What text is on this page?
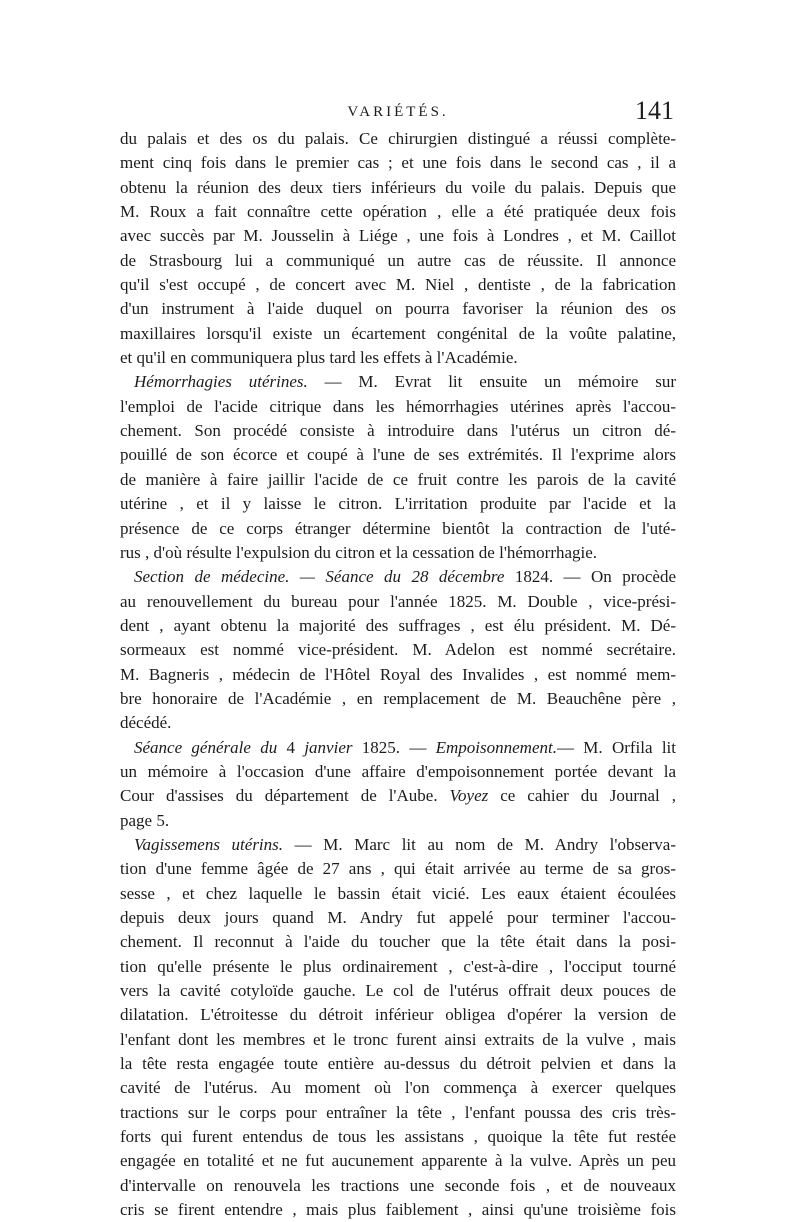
VARIÉTÉS.	141
du palais et des os du palais. Ce chirurgien distingué a réussi complète-
ment cinq fois dans le premier cas ; et une fois dans le second cas , il a
obtenu la réunion des deux tiers inférieurs du voile du palais. Depuis que
M. Roux a fait connaître cette opération , elle a été pratiquée deux fois
avec succès par M. Jousselin à Liége , une fois à Londres , et M. Caillot
de Strasbourg lui a communiqué un autre cas de réussite. Il annonce
qu'il s'est occupé , de concert avec M. Niel , dentiste , de la fabrication
d'un instrument à l'aide duquel on pourra favoriser la réunion des os
maxillaires lorsqu'il existe un écartement congénital de la voûte palatine,
et qu'il en communiquera plus tard les effets à l'Académie.
Hémorrhagies utérines. — M. Evrat lit ensuite un mémoire sur
l'emploi de l'acide citrique dans les hémorrhagies utérines après l'accou-
chement. Son procédé consiste à introduire dans l'utérus un citron dé-
pouillé de son écorce et coupé à l'une de ses extrémités. Il l'exprime alors
de manière à faire jaillir l'acide de ce fruit contre les parois de la cavité
utérine , et il y laisse le citron. L'irritation produite par l'acide et la
présence de ce corps étranger détermine bientôt la contraction de l'uté-
rus , d'où résulte l'expulsion du citron et la cessation de l'hémorrhagie.
Section de médecine. — Séance du 28 décembre 1824. — On procède
au renouvellement du bureau pour l'année 1825. M. Double , vice-prési-
dent , ayant obtenu la majorité des suffrages , est élu président. M. Dé-
sormeaux est nommé vice-président. M. Adelon est nommé secrétaire.
M. Bagneris , médecin de l'Hôtel Royal des Invalides , est nommé mem-
bre honoraire de l'Académie , en remplacement de M. Beauchêne père ,
décédé.
Séance générale du 4 janvier 1825. — Empoisonnement.— M. Orfila lit
un mémoire à l'occasion d'une affaire d'empoisonnement portée devant la
Cour d'assises du département de l'Aube. Voyez ce cahier du Journal ,
page 5.
Vagissemens utérins. — M. Marc lit au nom de M. Andry l'observa-
tion d'une femme âgée de 27 ans , qui était arrivée au terme de sa gros-
sesse , et chez laquelle le bassin était vicié. Les eaux étaient écoulées
depuis deux jours quand M. Andry fut appelé pour terminer l'accou-
chement. Il reconnut à l'aide du toucher que la tête était dans la posi-
tion qu'elle présente le plus ordinairement , c'est-à-dire , l'occiput tourné
vers la cavité cotyloïde gauche. Le col de l'utérus offrait deux pouces de
dilatation. L'étroitesse du détroit inférieur obligea d'opérer la version de
l'enfant dont les membres et le tronc furent ainsi extraits de la vulve , mais
la tête resta engagée toute entière au-dessus du détroit pelvien et dans la
cavité de l'utérus. Au moment où l'on commença à exercer quelques
tractions sur le corps pour entraîner la tête , l'enfant poussa des cris très-
forts qui furent entendus de tous les assistans , quoique la tête fut restée
engagée en totalité et ne fut aucunement apparente à la vulve. Après un peu
d'intervalle on renouvela les tractions une seconde fois , et de nouveaux
cris se firent entendre , mais plus faiblement , ainsi qu'une troisième fois
